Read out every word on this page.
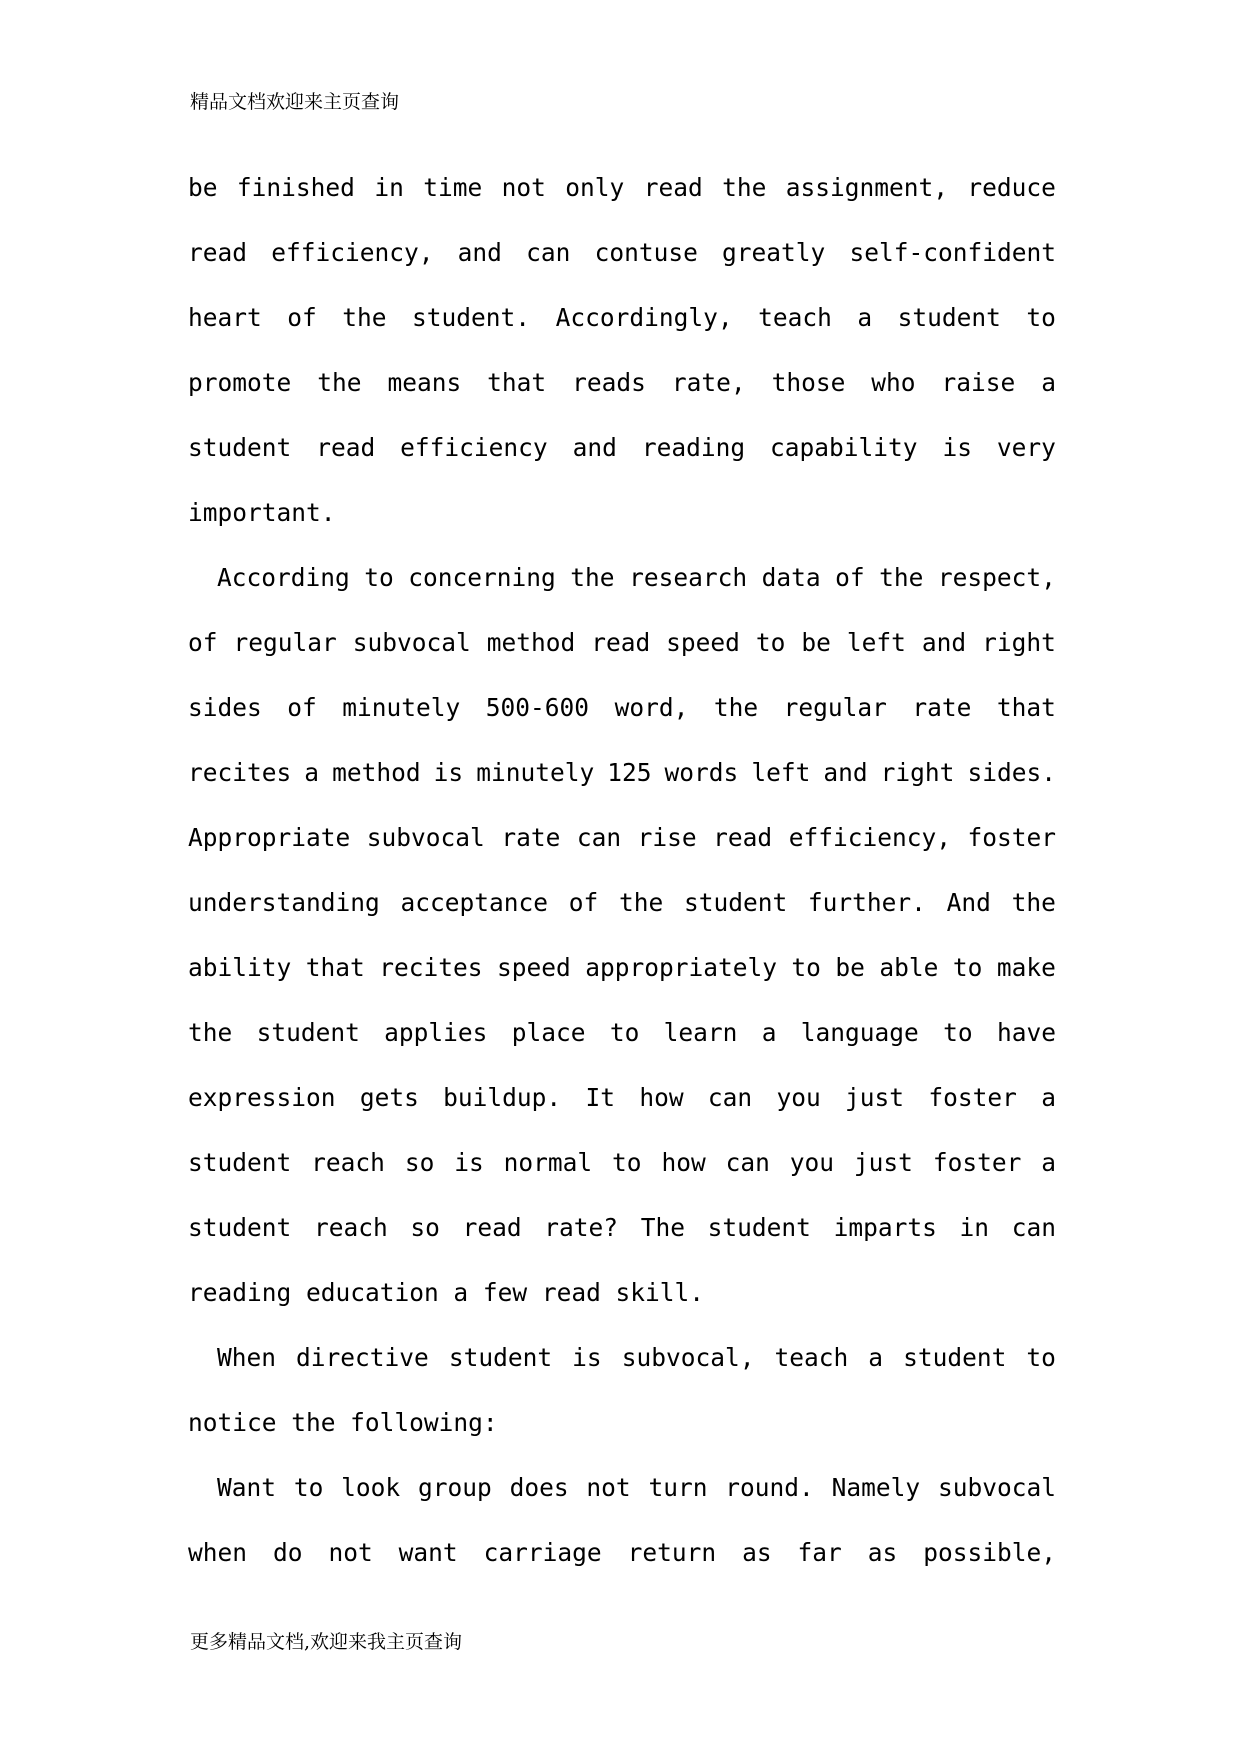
精品文档欢迎来主页查询
be finished in time not only read the assignment, reduce
read efficiency, and can contuse greatly self-confident
heart of the student. Accordingly, teach a student to
promote the means that reads rate, those who raise a
student read efficiency and reading capability is very
important.
According to concerning the research data of the respect,
of regular subvocal method read speed to be left and right
sides of minutely 500-600 word, the regular rate that
recites a method is minutely 125 words left and right sides.
Appropriate subvocal rate can rise read efficiency, foster
understanding acceptance of the student further. And the
ability that recites speed appropriately to be able to make
the student applies place to learn a language to have
expression gets buildup. It how can you just foster a
student reach so is normal to how can you just foster a
student reach so read rate? The student imparts in can
reading education a few read skill.
When directive student is subvocal, teach a student to
notice the following:
Want to look group does not turn round. Namely subvocal
when do not want carriage return as far as possible,
更多精品文档,欢迎来我主页查询
